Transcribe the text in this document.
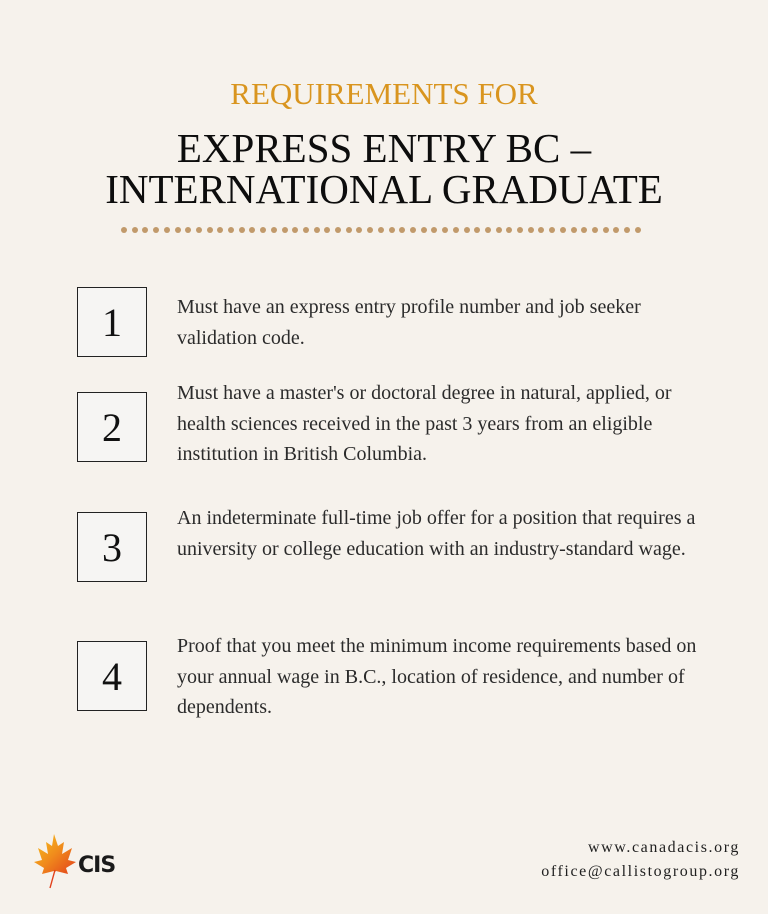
REQUIREMENTS FOR
EXPRESS ENTRY BC –
INTERNATIONAL GRADUATE
1	Must have an express entry profile number and job seeker validation code.
2
Must have a master's or doctoral degree in natural, applied, or health sciences received in the past 3 years from an eligible institution in British Columbia.
3
An indeterminate full-time job offer for a position that requires a university or college education with an industry-standard wage.
4
Proof that you meet the minimum income requirements based on your annual wage in B.C., location of residence, and number of dependents.
CIS
www.canadacis.org
office@callistogroup.org
